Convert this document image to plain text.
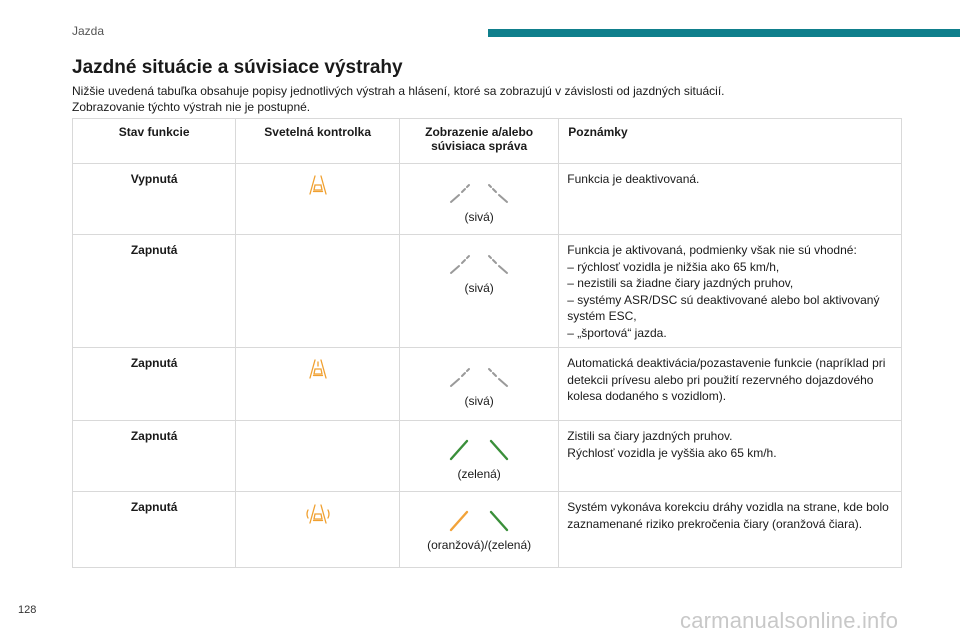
Jazda
Jazdné situácie a súvisiace výstrahy

Nižšie uvedená tabuľka obsahuje popisy jednotlivých výstrah a hlásení, ktoré sa zobrazujú v závislosti od jazdných situácií.

Zobrazovanie týchto výstrah nie je postupné.

Stav funkcie	Svetelná kontrolka	Zobrazenie a/alebo súvisiaca správa	Poznámky
Vypnutá		(sivá)	Funkcia je deaktivovaná.

Zapnutá		(sivá)	Funkcia je aktivovaná, podmienky však nie sú vhodné:

– rýchlosť vozidla je nižšia ako 65 km/h,

– nezistili sa žiadne čiary jazdných pruhov,

– systémy ASR/DSC sú deaktivované alebo bol aktivovaný systém ESC,

– „športová“ jazda.

Zapnutá		(sivá)	Automatická deaktivácia/pozastavenie funkcie (napríklad pri detekcii prívesu alebo pri použití rezervného dojazdového kolesa dodaného s vozidlom).

Zapnutá		(zelená)	Zistili sa čiary jazdných pruhov.

Rýchlosť vozidla je vyššia ako 65 km/h.

Zapnutá		(oranžová)/(zelená)	Systém vykonáva korekciu dráhy vozidla na strane, kde bolo zaznamenané riziko prekročenia čiary (oranžová čiara).

128	carmanualsonline.info
